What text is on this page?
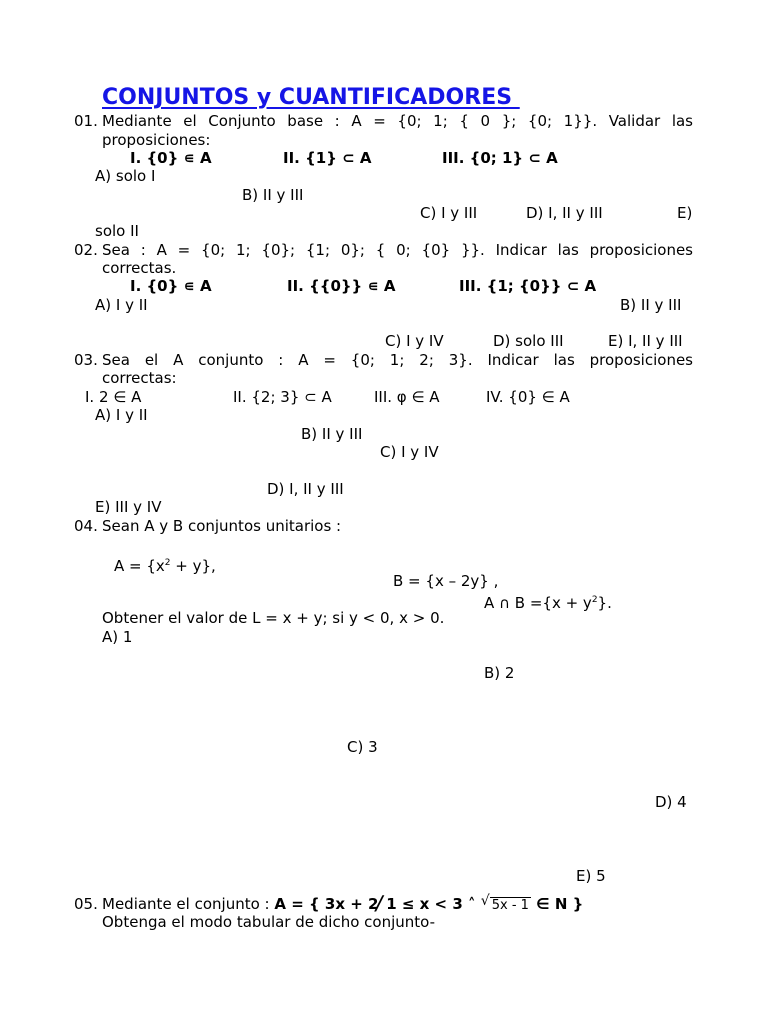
CONJUNTOS y CUANTIFICADORES
01. Mediante el Conjunto base : A = {0; 1; { 0 }; {0; 1}}. Validar las
proposiciones:
I. {0} ∊ A	II. {1} ⊂ A	III. {0; 1} ⊂ A
A) solo I
B) II y III
C) I y III	D) I, II y III	E)
solo II
02. Sea : A = {0; 1; {0}; {1; 0}; { 0; {0} }}. Indicar las proposiciones
correctas.
I. {0} ∊ A	II. {{0}} ∊ A	III. {1; {0}} ⊂ A
A) I y II	B) II y III
C) I y IV	D) solo III	E) I, II y III
03. Sea el A conjunto : A = {0; 1; 2; 3}. Indicar las proposiciones
correctas:
I. 2 ∈ A	II. {2; 3} ⊂ A	III. φ ∈ A	IV. {0} ∈ A
A) I y II
B) II y III
C) I y IV
D) I, II y III
E) III y IV
04. Sean A y B conjuntos unitarios :
$A = \{x^2 + y\}$,
B = {x – 2y} ,
A ∩ $B =\{x + y^2\}$.
Obtener el valor de L = x + y; si y < 0, x > 0.
A) 1
B) 2
C) 3
D) 4
E) 5
05. Mediante el conjunto : A = { 3x + 2⁄ 1 ≤ x < 3 ˄ √ 5x - 1 ∈ N }
Obtenga el modo tabular de dicho conjunto-
